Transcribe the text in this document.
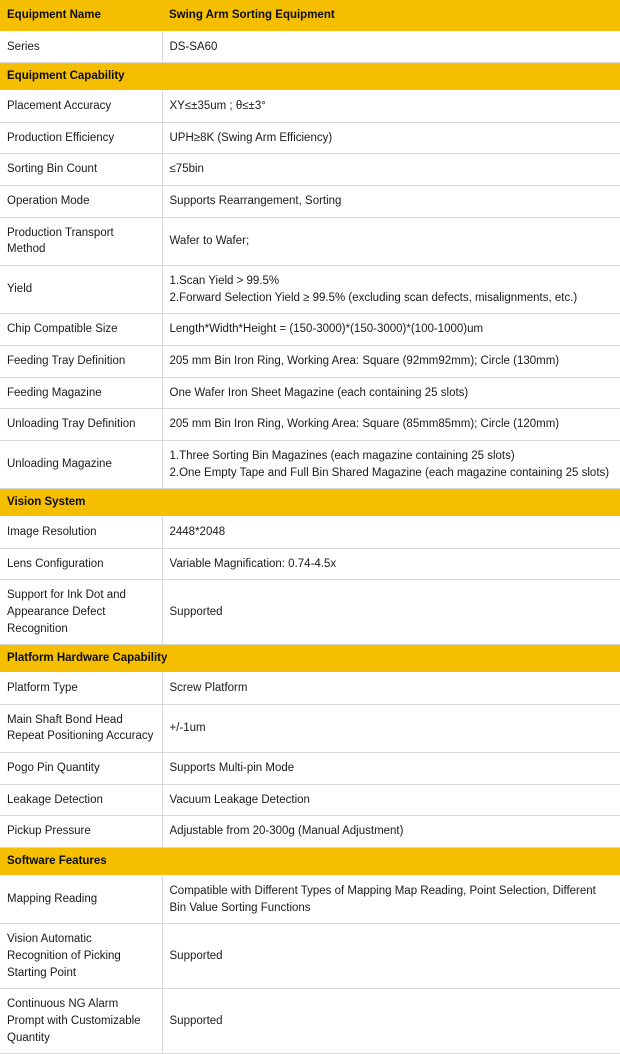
Equipment Name	Swing Arm Sorting Equipment
Series	DS-SA60

Equipment Capability	
Placement Accuracy	XY≤±35um ; θ≤±3°

Production Efficiency	UPH≥8K (Swing Arm Efficiency)

Sorting Bin Count	≤75bin

Operation Mode	Supports Rearrangement, Sorting

Production Transport Method	Wafer to Wafer;

Yield	1.Scan Yield > 99.5%
2.Forward Selection Yield ≥ 99.5% (excluding scan defects, misalignments, etc.)

Chip Compatible Size	Length*Width*Height = (150-3000)*(150-3000)*(100-1000)um

Feeding Tray Definition	205 mm Bin Iron Ring, Working Area: Square (92mm92mm); Circle (130mm)

Feeding Magazine	One Wafer Iron Sheet Magazine (each containing 25 slots)

Unloading Tray Definition	205 mm Bin Iron Ring, Working Area: Square (85mm85mm); Circle (120mm)

Unloading Magazine	1.Three Sorting Bin Magazines (each magazine containing 25 slots)
2.One Empty Tape and Full Bin Shared Magazine (each magazine containing 25 slots)

Vision System	
Image Resolution	2448*2048

Lens Configuration	Variable Magnification: 0.74-4.5x

Support for Ink Dot and Appearance Defect Recognition	Supported

Platform Hardware Capability	
Platform Type	Screw Platform

Main Shaft Bond Head Repeat Positioning Accuracy	+/-1um

Pogo Pin Quantity	Supports Multi-pin Mode

Leakage Detection	Vacuum Leakage Detection

Pickup Pressure	Adjustable from 20-300g (Manual Adjustment)

Software Features	
Mapping Reading	Compatible with Different Types of Mapping Map Reading, Point Selection, Different Bin Value Sorting Functions

Vision Automatic Recognition of Picking Starting Point	Supported

Continuous NG Alarm Prompt with Customizable Quantity	Supported
